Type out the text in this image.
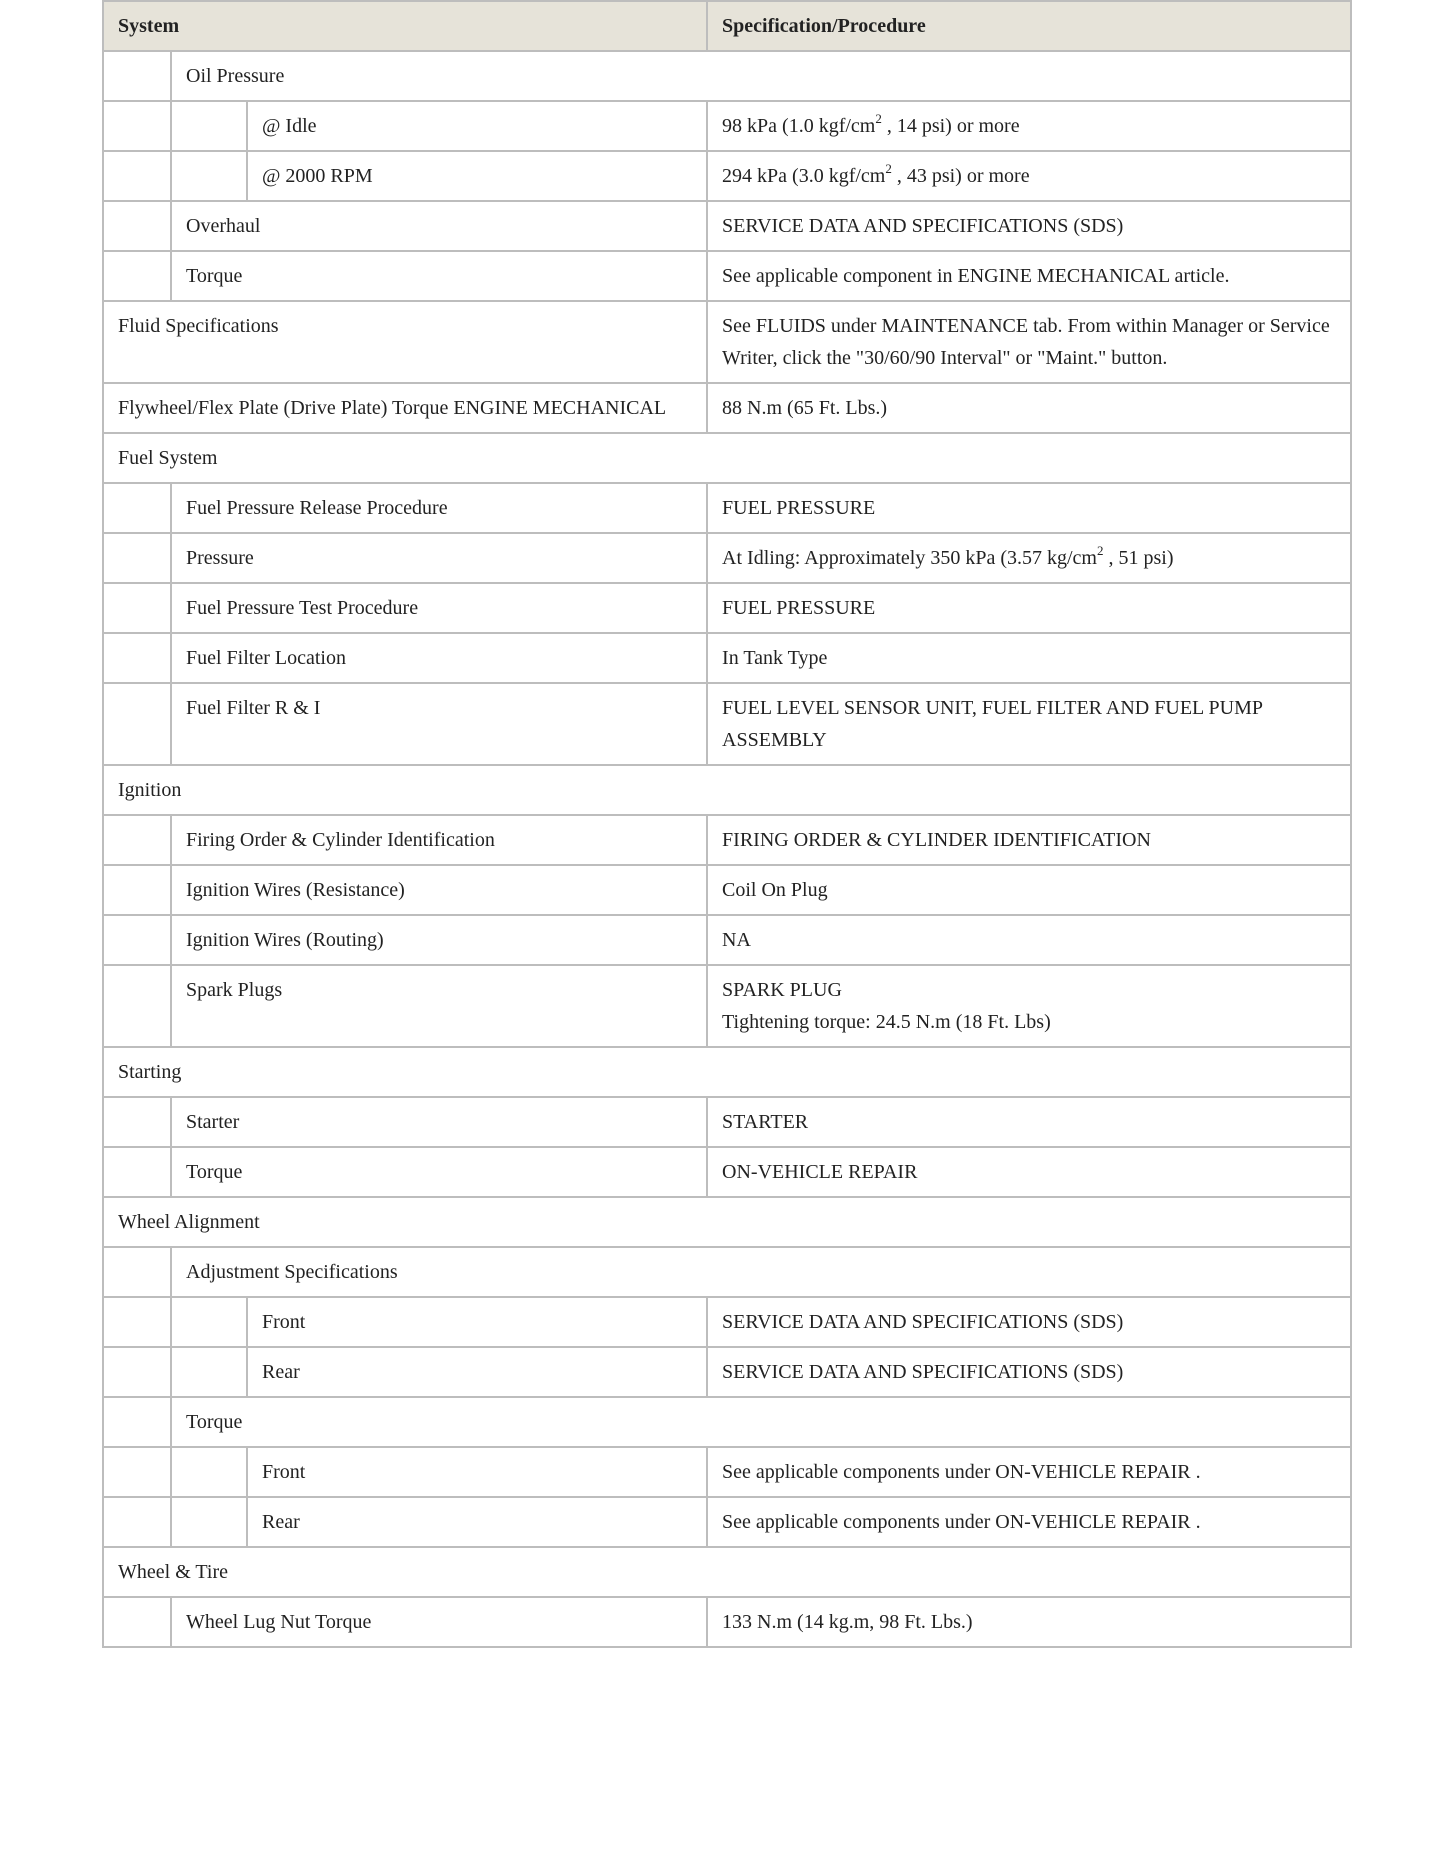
System			Specification/Procedure
	Oil Pressure		
		@ Idle	98 kPa (1.0 kgf/$cm^2$ , 14 psi) or more
		@ 2000 RPM	294 kPa (3.0 kgf/$cm^2$ , 43 psi) or more
	Overhaul		SERVICE DATA AND SPECIFICATIONS (SDS)
	Torque		See applicable component in ENGINE MECHANICAL article.
Fluid Specifications			See FLUIDS under MAINTENANCE tab. From within Manager or Service Writer, click the "30/60/90 Interval" or "Maint." button.
Flywheel/Flex Plate (Drive Plate) Torque ENGINE MECHANICAL			88 N.m (65 Ft. Lbs.)
Fuel System			
	Fuel Pressure Release Procedure		FUEL PRESSURE
	Pressure		At Idling: Approximately 350 kPa (3.57 $kg/cm^2$ , 51 psi)
	Fuel Pressure Test Procedure		FUEL PRESSURE
	Fuel Filter Location		In Tank Type
	Fuel Filter R & I		FUEL LEVEL SENSOR UNIT, FUEL FILTER AND FUEL PUMP ASSEMBLY
Ignition			
	Firing Order & Cylinder Identification		FIRING ORDER & CYLINDER IDENTIFICATION
	Ignition Wires (Resistance)		Coil On Plug
	Ignition Wires (Routing)		NA
	Spark Plugs		SPARK PLUG
Tightening torque: 24.5 N.m (18 Ft. Lbs)
Starting			
	Starter		STARTER
	Torque		ON-VEHICLE REPAIR
Wheel Alignment			
	Adjustment Specifications		
		Front	SERVICE DATA AND SPECIFICATIONS (SDS)
		Rear	SERVICE DATA AND SPECIFICATIONS (SDS)
	Torque		
		Front	See applicable components under ON-VEHICLE REPAIR .
		Rear	See applicable components under ON-VEHICLE REPAIR .
Wheel & Tire			
	Wheel Lug Nut Torque		133 N.m (14 kg.m, 98 Ft. Lbs.)
